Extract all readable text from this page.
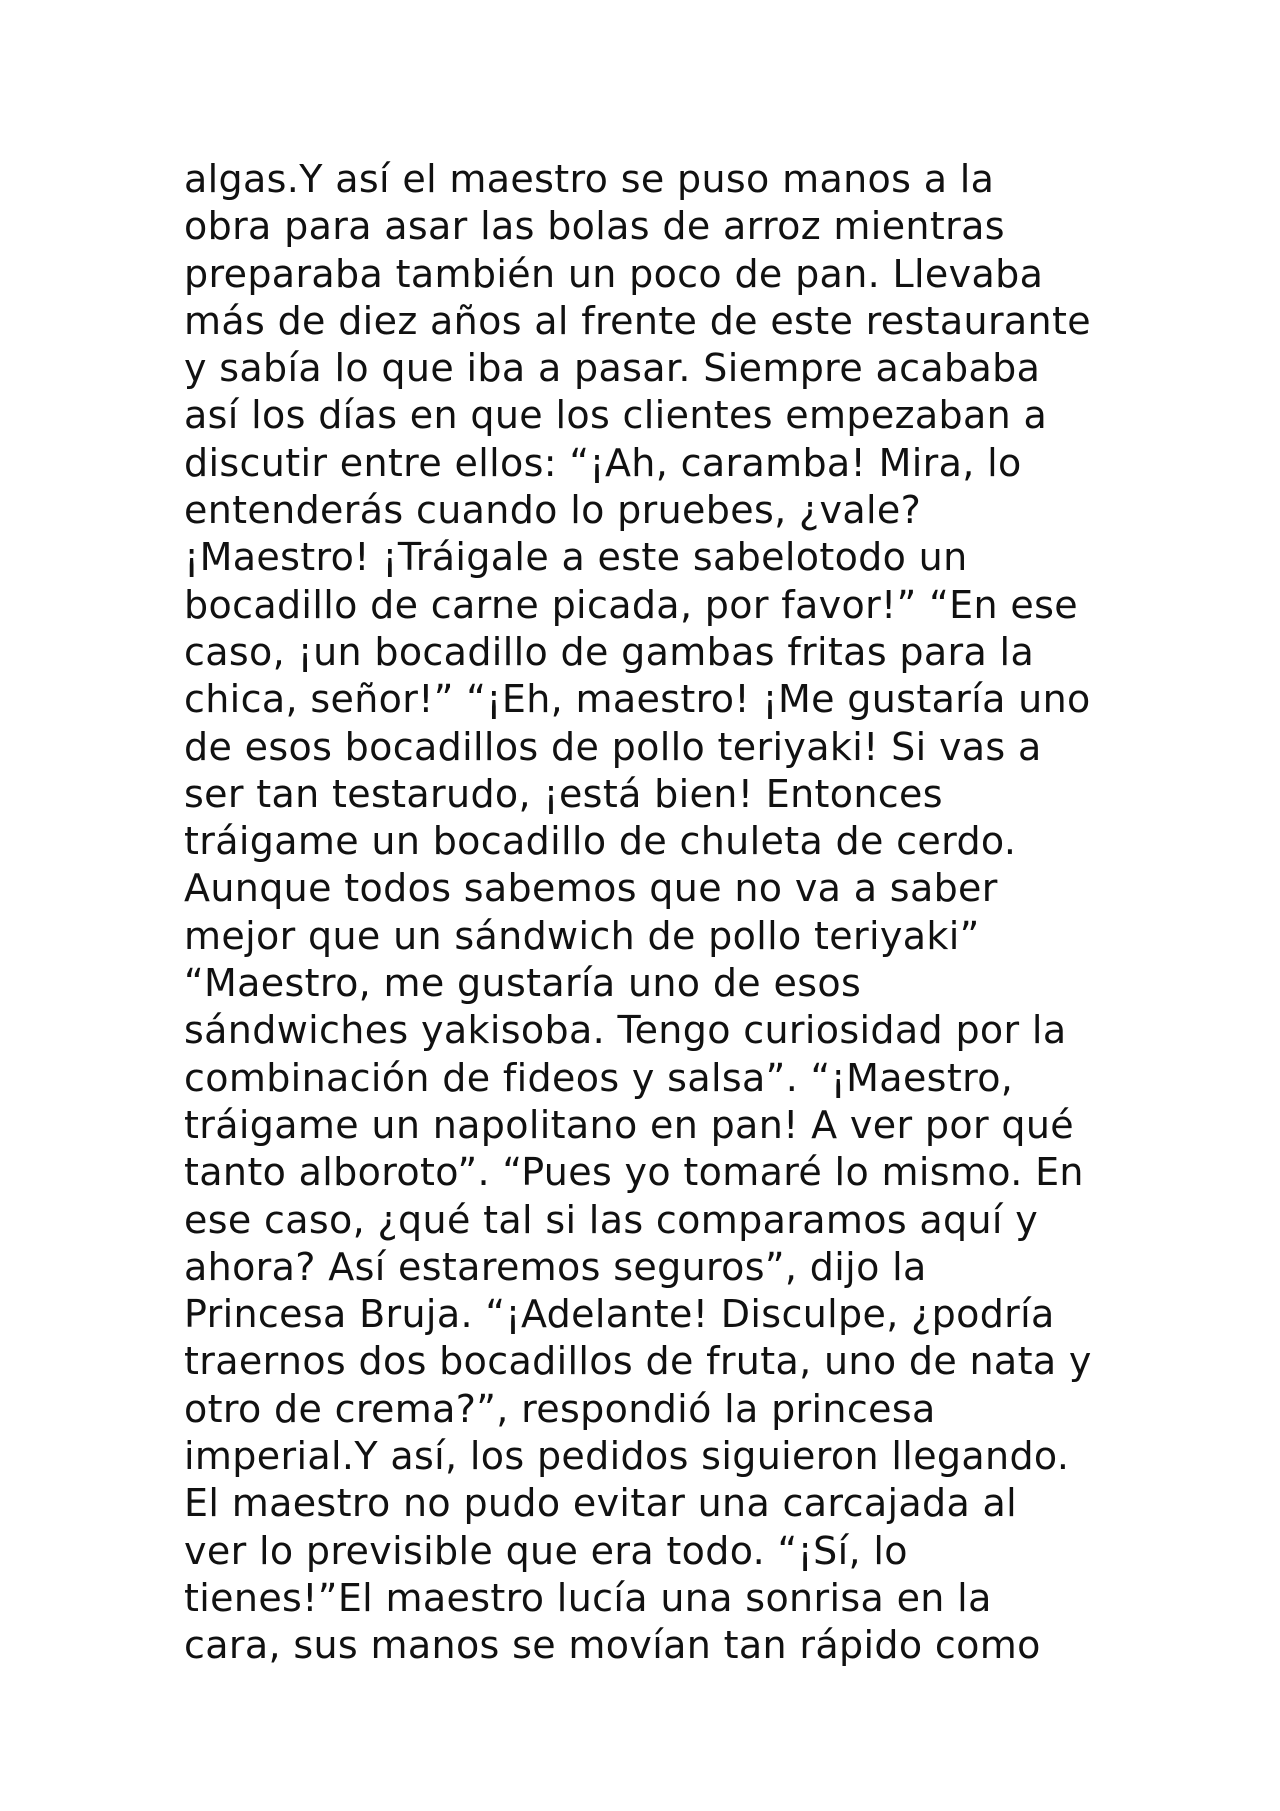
algas.Y así el maestro se puso manos a la
obra para asar las bolas de arroz mientras
preparaba también un poco de pan. Llevaba
más de diez años al frente de este restaurante
y sabía lo que iba a pasar. Siempre acababa
así los días en que los clientes empezaban a
discutir entre ellos: “¡Ah, caramba! Mira, lo
entenderás cuando lo pruebes, ¿vale?
¡Maestro! ¡Tráigale a este sabelotodo un
bocadillo de carne picada, por favor!” “En ese
caso, ¡un bocadillo de gambas fritas para la
chica, señor!” “¡Eh, maestro! ¡Me gustaría uno
de esos bocadillos de pollo teriyaki! Si vas a
ser tan testarudo, ¡está bien! Entonces
tráigame un bocadillo de chuleta de cerdo.
Aunque todos sabemos que no va a saber
mejor que un sándwich de pollo teriyaki”
“Maestro, me gustaría uno de esos
sándwiches yakisoba. Tengo curiosidad por la
combinación de fideos y salsa”. “¡Maestro,
tráigame un napolitano en pan! A ver por qué
tanto alboroto”. “Pues yo tomaré lo mismo. En
ese caso, ¿qué tal si las comparamos aquí y
ahora? Así estaremos seguros”, dijo la
Princesa Bruja. “¡Adelante! Disculpe, ¿podría
traernos dos bocadillos de fruta, uno de nata y
otro de crema?”, respondió la princesa
imperial.Y así, los pedidos siguieron llegando.
El maestro no pudo evitar una carcajada al
ver lo previsible que era todo. “¡Sí, lo
tienes!”El maestro lucía una sonrisa en la
cara, sus manos se movían tan rápido como
